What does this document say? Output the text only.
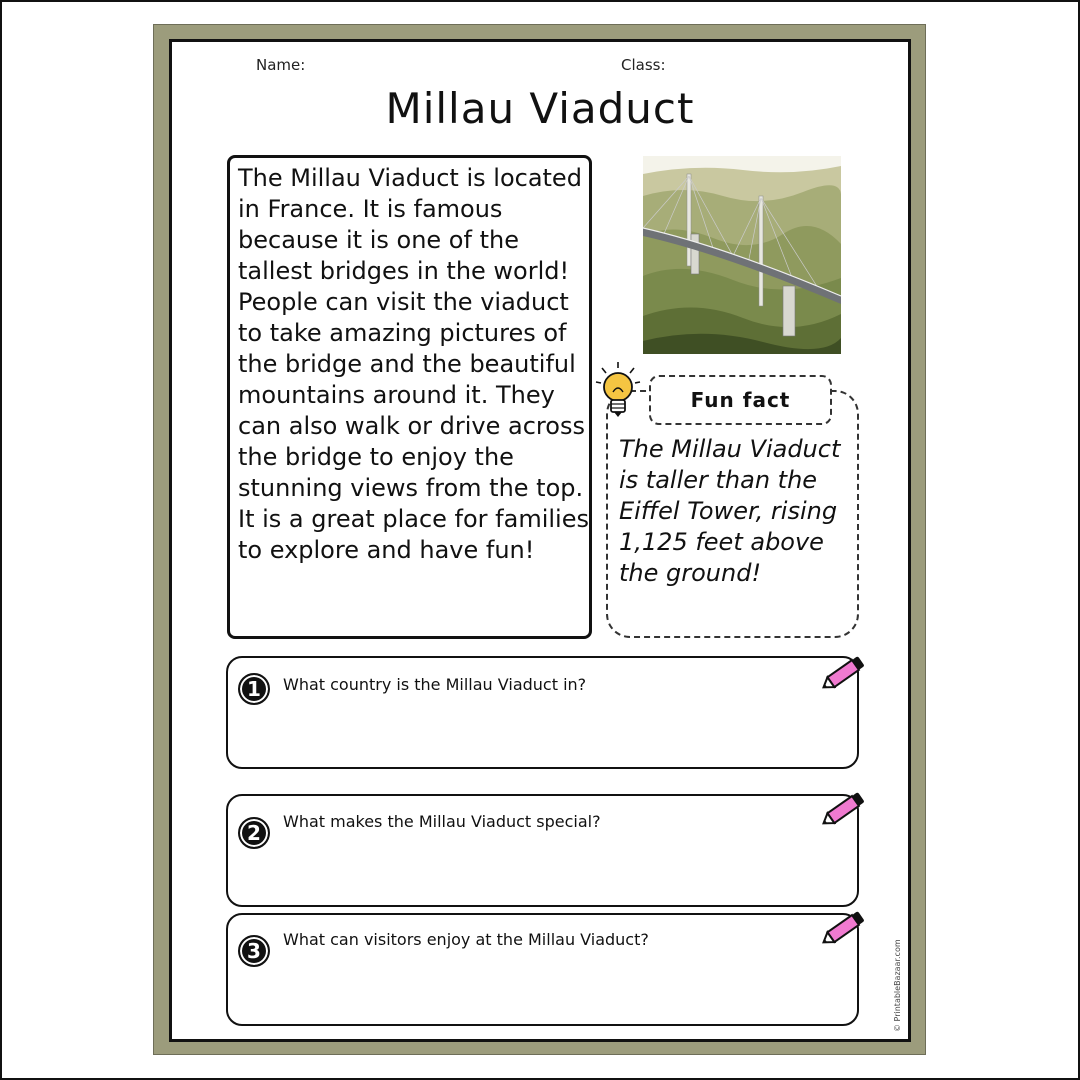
Name:	Class:
Millau Viaduct
The Millau Viaduct is located in France. It is famous because it is one of the tallest bridges in the world! People can visit the viaduct to take amazing pictures of the bridge and the beautiful mountains around it. They can also walk or drive across the bridge to enjoy the stunning views from the top. It is a great place for families to explore and have fun!
Fun fact
The Millau Viaduct is taller than the Eiffel Tower, rising 1,125 feet above the ground!
1	What country is the Millau Viaduct in?
2	What makes the Millau Viaduct special?
3	What can visitors enjoy at the Millau Viaduct?	© PrintableBazaar.com
